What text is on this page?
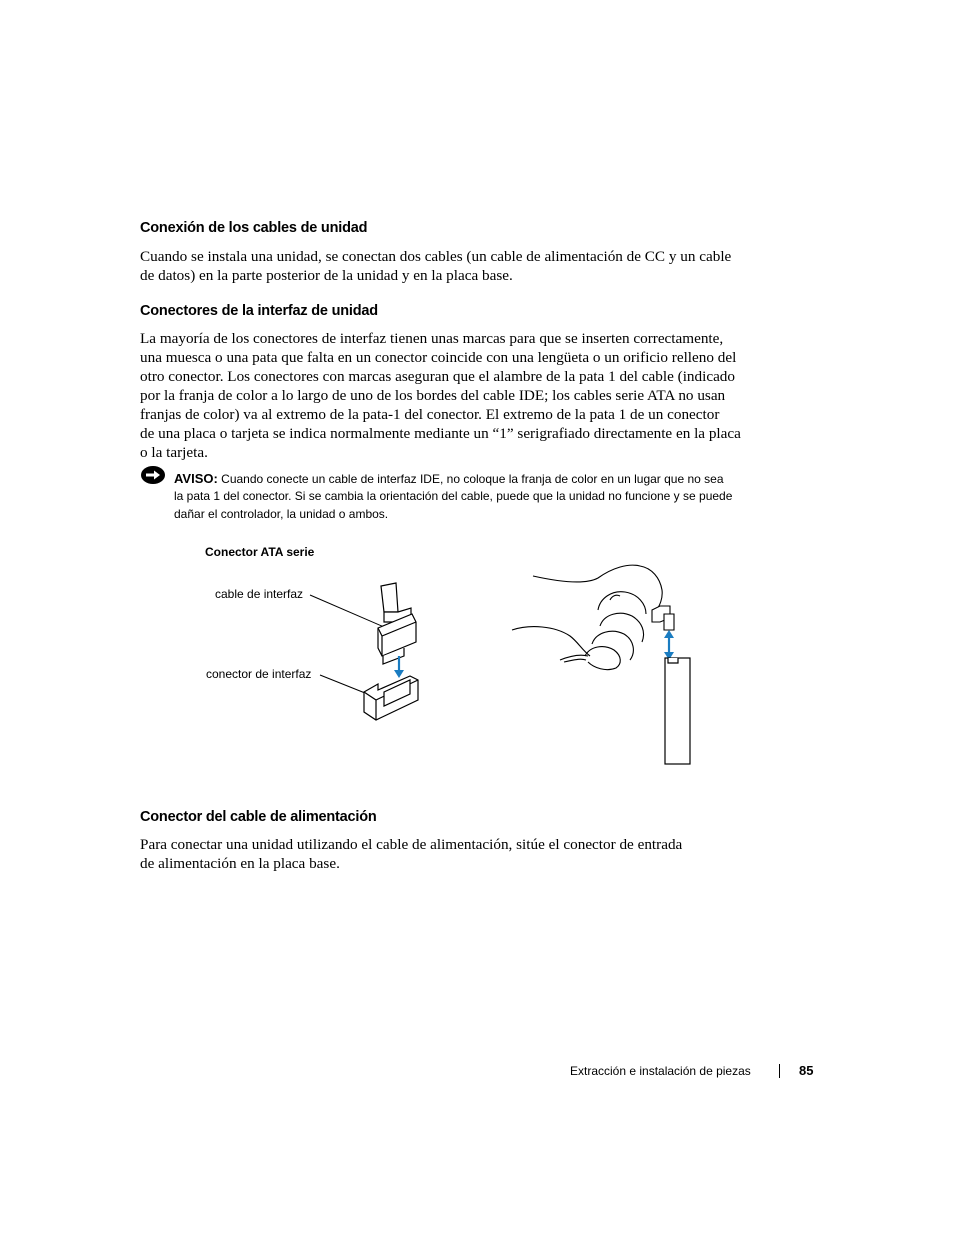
Conexión de los cables de unidad
Cuando se instala una unidad, se conectan dos cables (un cable de alimentación de CC y un cable
de datos) en la parte posterior de la unidad y en la placa base.
Conectores de la interfaz de unidad
La mayoría de los conectores de interfaz tienen unas marcas para que se inserten correctamente,
una muesca o una pata que falta en un conector coincide con una lengüeta o un orificio relleno del
otro conector. Los conectores con marcas aseguran que el alambre de la pata 1 del cable (indicado
por la franja de color a lo largo de uno de los bordes del cable IDE; los cables serie ATA no usan
franjas de color) va al extremo de la pata-1 del conector. El extremo de la pata 1 de un conector
de una placa o tarjeta se indica normalmente mediante un “1” serigrafiado directamente en la placa
o la tarjeta.
AVISO: Cuando conecte un cable de interfaz IDE, no coloque la franja de color en un lugar que no sea
la pata 1 del conector. Si se cambia la orientación del cable, puede que la unidad no funcione y se puede
dañar el controlador, la unidad o ambos.
Conector ATA serie
cable de interfaz
conector de interfaz
Conector del cable de alimentación
Para conectar una unidad utilizando el cable de alimentación, sitúe el conector de entrada
de alimentación en la placa base.
Extracción e instalación de piezas	85
